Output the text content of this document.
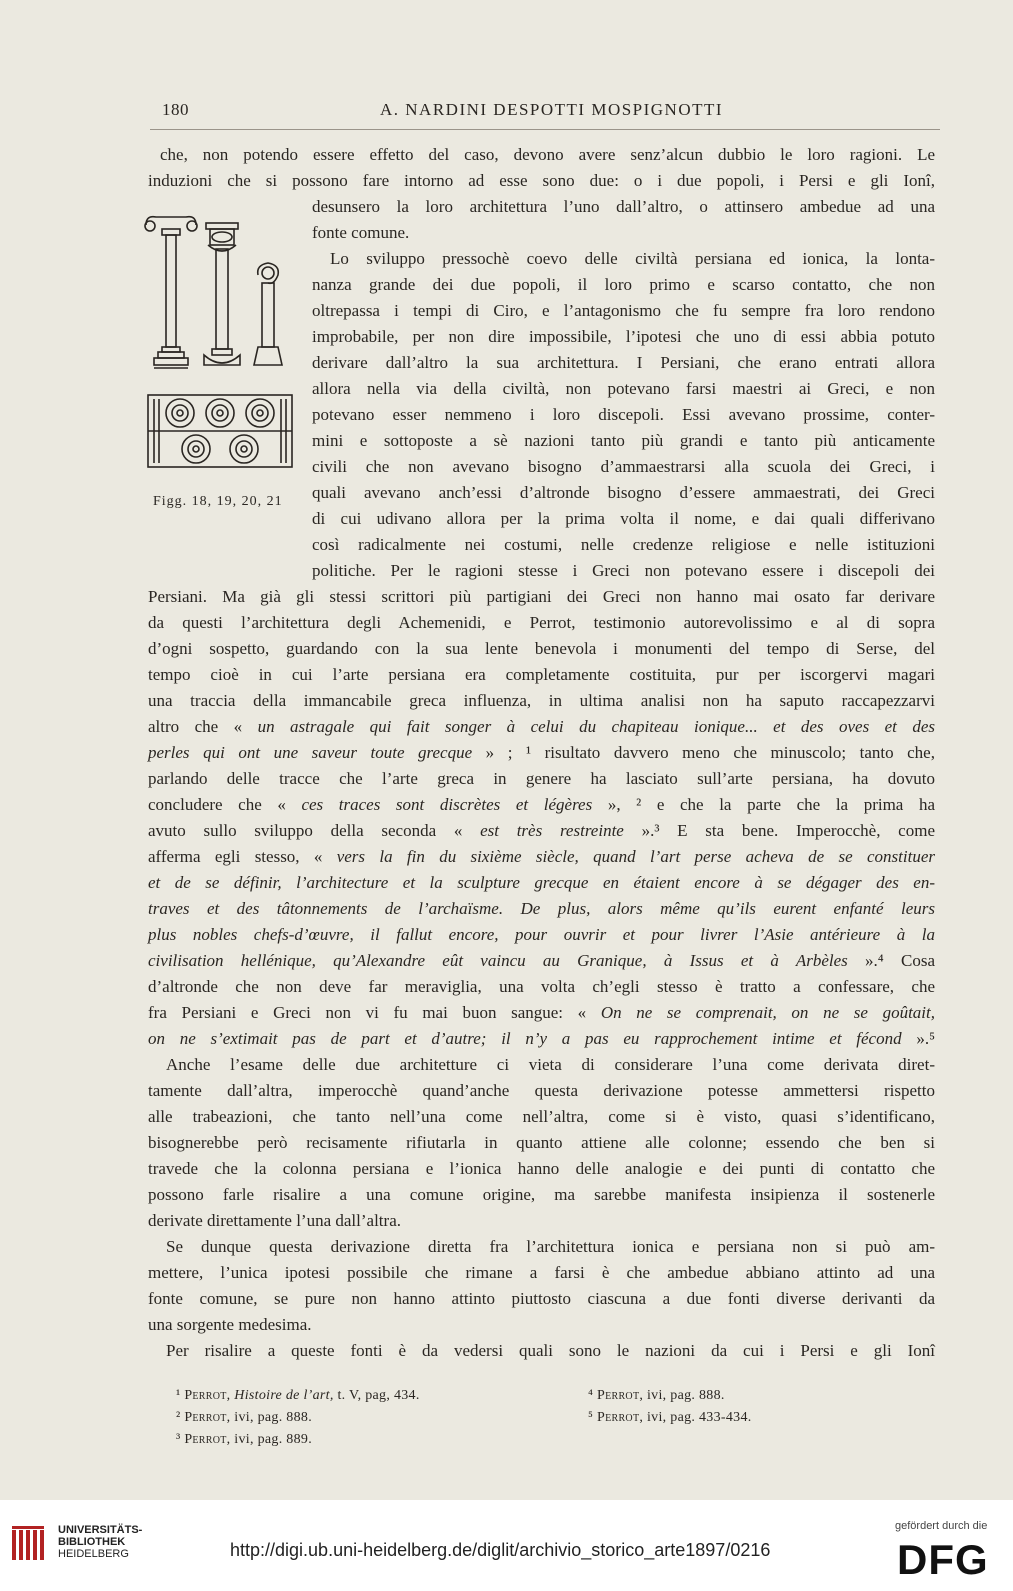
180	A. NARDINI DESPOTTI MOSPIGNOTTI
che, non potendo essere effetto del caso, devono avere senz’alcun dubbio le loro ragioni. Le
induzioni che si possono fare intorno ad esse sono due: o i due popoli, i Persi e gli Ionî,
desunsero la loro architettura l’uno dall’altro, o attinsero ambedue ad una
fonte comune.
Lo sviluppo pressochè coevo delle civiltà persiana ed ionica, la lonta-
nanza grande dei due popoli, il loro primo e scarso contatto, che non
oltrepassa i tempi di Ciro, e l’antagonismo che fu sempre fra loro rendono
improbabile, per non dire impossibile, l’ipotesi che uno di essi abbia potuto
derivare dall’altro la sua architettura. I Persiani, che erano entrati allora
allora nella via della civiltà, non potevano farsi maestri ai Greci, e non
potevano esser nemmeno i loro discepoli. Essi avevano prossime, conter-
mini e sottoposte a sè nazioni tanto più grandi e tanto più anticamente
civili che non avevano bisogno d’ammaestrarsi alla scuola dei Greci, i
quali avevano anch’essi d’altronde bisogno d’essere ammaestrati, dei Greci
di cui udivano allora per la prima volta il nome, e dai quali differivano
così radicalmente nei costumi, nelle credenze religiose e nelle istituzioni
politiche. Per le ragioni stesse i Greci non potevano essere i discepoli dei
Persiani. Ma già gli stessi scrittori più partigiani dei Greci non hanno mai osato far derivare
da questi l’architettura degli Achemenidi, e Perrot, testimonio autorevolissimo e al di sopra
d’ogni sospetto, guardando con la sua lente benevola i monumenti del tempo di Serse, del
tempo cioè in cui l’arte persiana era completamente costituita, pur per iscorgervi magari
una traccia della immancabile greca influenza, in ultima analisi non ha saputo raccapezzarvi
altro che « un astragale qui fait songer à celui du chapiteau ionique... et des oves et des
perles qui ont une saveur toute grecque » ; ¹ risultato davvero meno che minuscolo; tanto che,
parlando delle tracce che l’arte greca in genere ha lasciato sull’arte persiana, ha dovuto
concludere che « ces traces sont discrètes et légères », ² e che la parte che la prima ha
avuto sullo sviluppo della seconda « est très restreinte ».³ E sta bene. Imperocchè, come
afferma egli stesso, « vers la fin du sixième siècle, quand l’art perse acheva de se constituer
et de se définir, l’architecture et la sculpture grecque en étaient encore à se dégager des en-
traves et des tâtonnements de l’archaïsme. De plus, alors même qu’ils eurent enfanté leurs
plus nobles chefs-d’œuvre, il fallut encore, pour ouvrir et pour livrer l’Asie antérieure à la
civilisation hellénique, qu’Alexandre eût vaincu au Granique, à Issus et à Arbèles ».⁴ Cosa
d’altronde che non deve far meraviglia, una volta ch’egli stesso è tratto a confessare, che
fra Persiani e Greci non vi fu mai buon sangue: « On ne se comprenait, on ne se goûtait,
on ne s’extimait pas de part et d’autre; il n’y a pas eu rapprochement intime et fécond ».⁵
Anche l’esame delle due architetture ci vieta di considerare l’una come derivata diret-
tamente dall’altra, imperocchè quand’anche questa derivazione potesse ammettersi rispetto
alle trabeazioni, che tanto nell’una come nell’altra, come si è visto, quasi s’identificano,
bisognerebbe però recisamente rifiutarla in quanto attiene alle colonne; essendo che ben si
travede che la colonna persiana e l’ionica hanno delle analogie e dei punti di contatto che
possono farle risalire a una comune origine, ma sarebbe manifesta insipienza il sostenerle
derivate direttamente l’una dall’altra.
Se dunque questa derivazione diretta fra l’architettura ionica e persiana non si può am-
mettere, l’unica ipotesi possibile che rimane a farsi è che ambedue abbiano attinto ad una
fonte comune, se pure non hanno attinto piuttosto ciascuna a due fonti diverse derivanti da
una sorgente medesima.
Per risalire a queste fonti è da vedersi quali sono le nazioni da cui i Persi e gli Ionî
Figg. 18, 19, 20, 21
¹ Perrot, Histoire de l’art, t. V, pag, 434.
² Perrot, ivi, pag. 888.
³ Perrot, ivi, pag. 889.
⁴ Perrot, ivi, pag. 888.
⁵ Perrot, ivi, pag. 433-434.
UNIVERSITÄTS-
BIBLIOTHEK
HEIDELBERG	http://digi.ub.uni-heidelberg.de/diglit/archivio_storico_arte1897/0216
gefördert durch die
DFG
